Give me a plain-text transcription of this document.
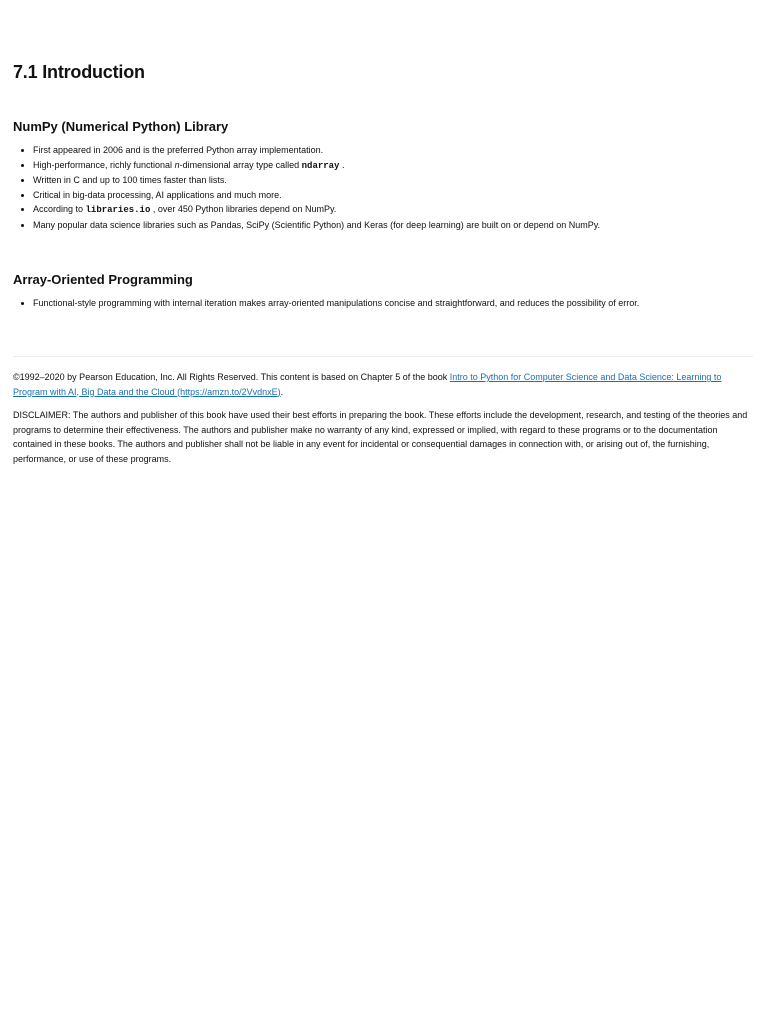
7.1 Introduction
NumPy (Numerical Python) Library
• First appeared in 2006 and is the preferred Python array implementation.
• High-performance, richly functional n-dimensional array type called ndarray .
• Written in C and up to 100 times faster than lists.
• Critical in big-data processing, AI applications and much more.
• According to libraries.io , over 450 Python libraries depend on NumPy.
• Many popular data science libraries such as Pandas, SciPy (Scientific Python) and Keras (for deep learning) are built on or depend on NumPy.
Array-Oriented Programming
• Functional-style programming with internal iteration makes array-oriented manipulations concise and straightforward, and reduces the possibility of error.

©1992–2020 by Pearson Education, Inc. All Rights Reserved. This content is based on Chapter 5 of the book Intro to Python for Computer Science and Data Science: Learning to Program with AI, Big Data and the Cloud (https://amzn.to/2VvdnxE).

DISCLAIMER: The authors and publisher of this book have used their best efforts in preparing the book. These efforts include the development, research, and testing of the theories and programs to determine their effectiveness. The authors and publisher make no warranty of any kind, expressed or implied, with regard to these programs or to the documentation contained in these books. The authors and publisher shall not be liable in any event for incidental or consequential damages in connection with, or arising out of, the furnishing, performance, or use of these programs.
